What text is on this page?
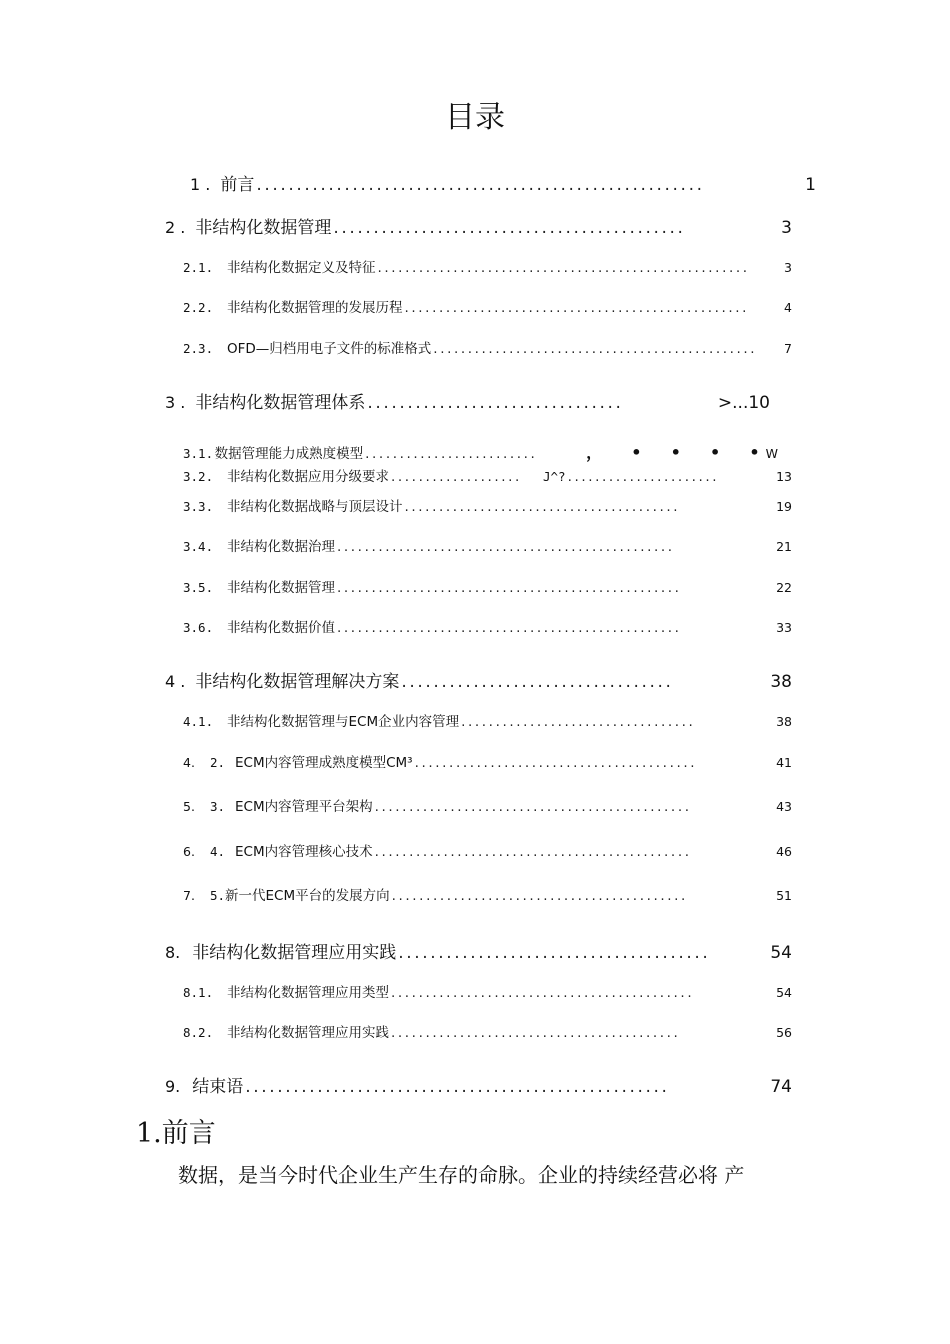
目录
1 . 前言 ........................................................	1
2 . 非结构化数据管理 ............................................	3
2.1.	非结构化数据定义及特征 ......................................................	3
2.2.	非结构化数据管理的发展历程 ..................................................	4
2.3.	OFD—归档用电子文件的标准格式 ...............................................	7
3 . 非结构化数据管理体系 ................................	>...10
3.1. 数据管理能力成熟度模型 .........................	，  •  •  •  • W
3.2.	非结构化数据应用分级要求 ...................	J^? ......................	13
3.3.	非结构化数据战略与顶层设计 ........................................	19
3.4.	非结构化数据治理 .................................................	21
3.5.	非结构化数据管理 ..................................................	22
3.6.	非结构化数据价值 ..................................................	33
4 . 非结构化数据管理解决方案 ..................................	38
4.1.	非结构化数据管理与ECM企业内容管理 ..................................	38
4.	2. ECM内容管理成熟度模型CM³ .........................................	41
5.	3. ECM内容管理平台架构 ..............................................	43
6.	4. ECM内容管理核心技术 ..............................................	46
7.	5. 新一代ECM平台的发展方向 ...........................................	51
8. 非结构化数据管理应用实践 .......................................	54
8.1.	非结构化数据管理应用类型 ............................................	54
8.2.	非结构化数据管理应用实践 ..........................................	56
9. 结束语 .....................................................	74
1.前言
数据，是当今时代企业生产生存的命脉。企业的持续经营必将 产
